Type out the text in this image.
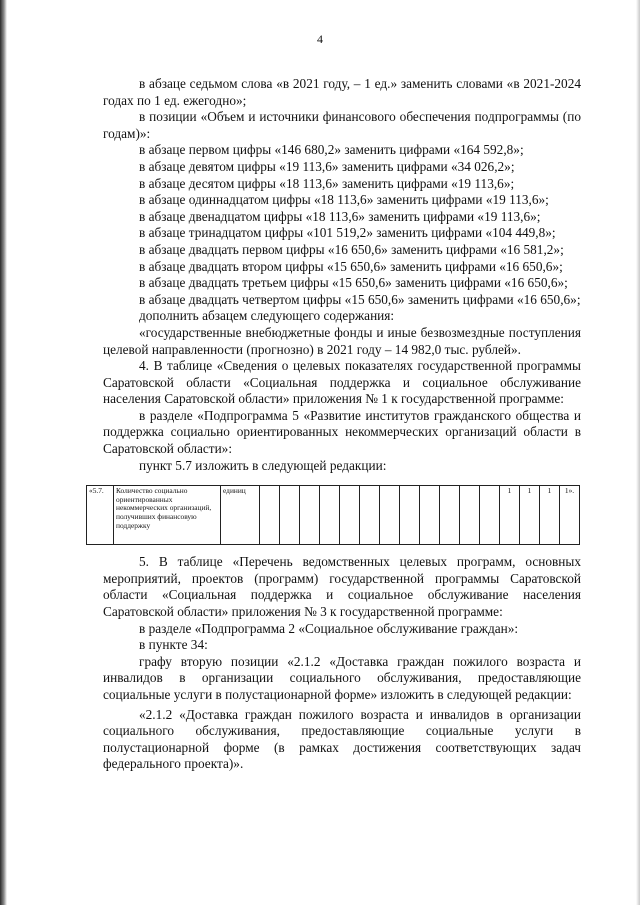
4

в абзаце седьмом слова «в 2021 году, – 1 ед.» заменить словами «в 2021-2024 годах по 1 ед. ежегодно»;

в позиции «Объем и источники финансового обеспечения подпрограммы (по годам)»:

в абзаце первом цифры «146 680,2» заменить цифрами «164 592,8»;

в абзаце девятом цифры «19 113,6» заменить цифрами «34 026,2»;

в абзаце десятом цифры «18 113,6» заменить цифрами «19 113,6»;

в абзаце одиннадцатом цифры «18 113,6» заменить цифрами «19 113,6»;

в абзаце двенадцатом цифры «18 113,6» заменить цифрами «19 113,6»;

в абзаце тринадцатом цифры «101 519,2» заменить цифрами «104 449,8»;

в абзаце двадцать первом цифры «16 650,6» заменить цифрами «16 581,2»;

в абзаце двадцать втором цифры «15 650,6» заменить цифрами «16 650,6»;

в абзаце двадцать третьем цифры «15 650,6» заменить цифрами «16 650,6»;

в абзаце двадцать четвертом цифры «15 650,6» заменить цифрами «16 650,6»;

дополнить абзацем следующего содержания:

«государственные внебюджетные фонды и иные безвозмездные поступления целевой направленности (прогнозно) в 2021 году – 14 982,0 тыс. рублей».

4. В таблице «Сведения о целевых показателях государственной программы Саратовской области «Социальная поддержка и социальное обслуживание населения Саратовской области» приложения № 1 к государственной программе:

в разделе «Подпрограмма 5 «Развитие институтов гражданского общества и поддержка социально ориентированных некоммерческих организаций области в Саратовской области»:

пункт 5.7 изложить в следующей редакции:

«5.7.	Количество социально ориентированных некоммерческих организаций, получивших финансовую поддержку	единиц													1	1	1	1».

5. В таблице «Перечень ведомственных целевых программ, основных мероприятий, проектов (программ) государственной программы Саратовской области «Социальная поддержка и социальное обслуживание населения Саратовской области» приложения № 3 к государственной программе:

в разделе «Подпрограмма 2 «Социальное обслуживание граждан»:

в пункте 34:

графу вторую позиции «2.1.2 «Доставка граждан пожилого возраста и инвалидов в организации социального обслуживания, предоставляющие социальные услуги в полустационарной форме» изложить в следующей редакции:

«2.1.2 «Доставка граждан пожилого возраста и инвалидов в организации социального обслуживания, предоставляющие социальные услуги в полустационарной форме (в рамках достижения соответствующих задач федерального проекта)».
